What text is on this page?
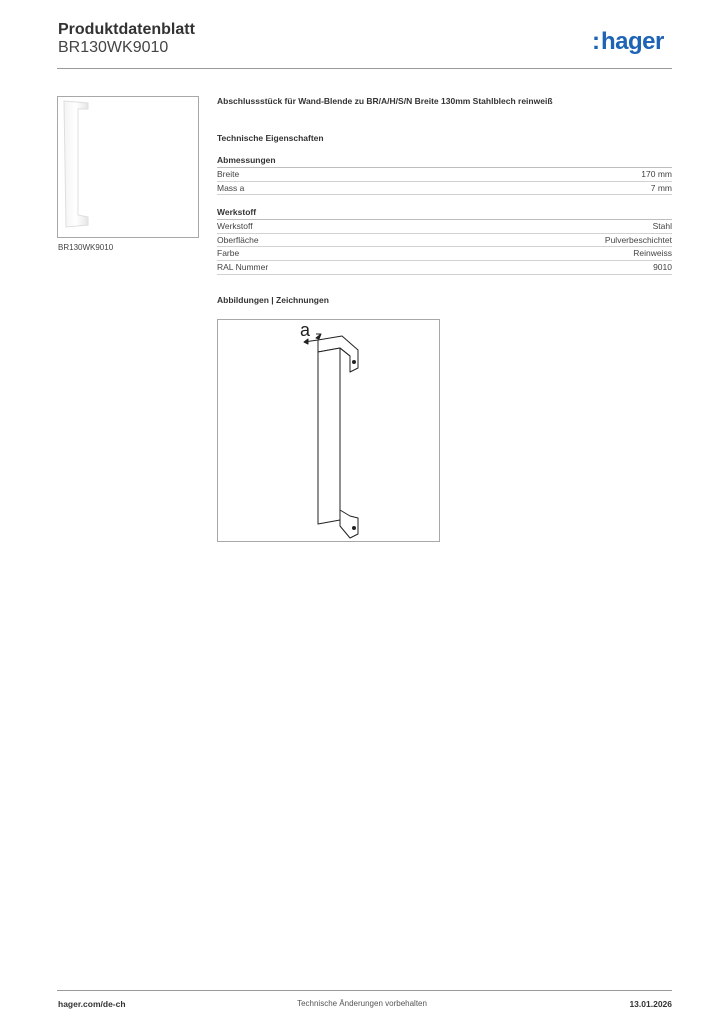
Produktdatenblatt
BR130WK9010	:hager
BR130WK9010

Abschlussstück für Wand-Blende zu BR/A/H/S/N Breite 130mm Stahlblech reinweiß

Technische Eigenschaften

Abmessungen
Breite	170 mm
Mass a	7 mm
Werkstoff
Werkstoff	Stahl
Oberfläche	Pulverbeschichtet
Farbe	Reinweiss
RAL Nummer	9010

Abbildungen | Zeichnungen

a
hager.com/de-ch	Technische Änderungen vorbehalten	13.01.2026
